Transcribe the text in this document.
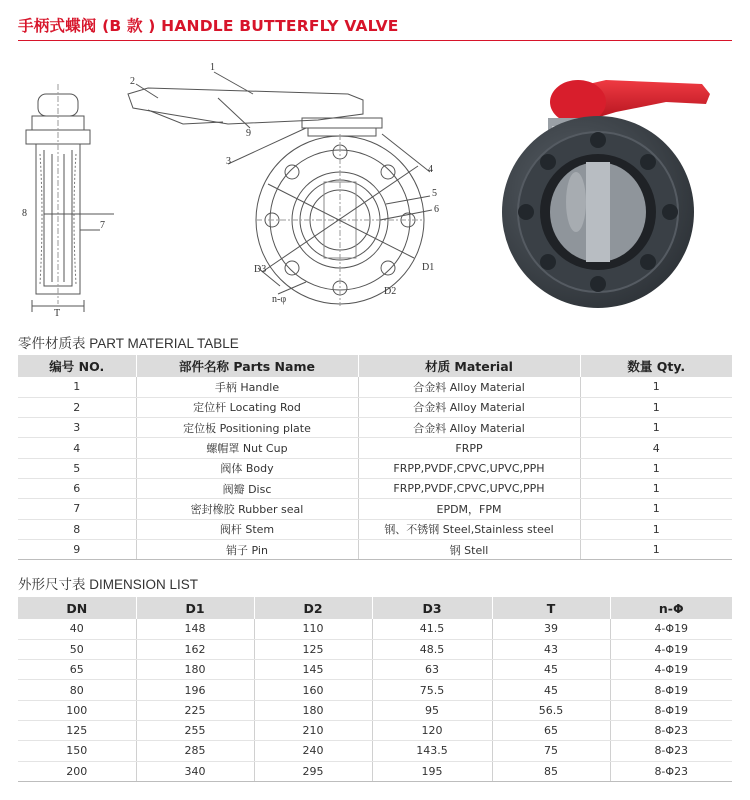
手柄式蝶阀 (B 款 ) HANDLE BUTTERFLY VALVE
1
2
3
4
5
6
7
8
9
T
D1
D2
D3
n-φ
零件材质表 PART MATERIAL TABLE
编号 NO.	部件名称 Parts Name	材质 Material	数量 Qty.
1	手柄 Handle	合金料 Alloy Material	1
2	定位杆 Locating Rod	合金料 Alloy Material	1
3	定位板 Positioning plate	合金料 Alloy Material	1
4	螺帽罩 Nut Cup	FRPP	4
5	阀体 Body	FRPP,PVDF,CPVC,UPVC,PPH	1
6	阀瓣 Disc	FRPP,PVDF,CPVC,UPVC,PPH	1
7	密封橡胶 Rubber seal	EPDM，FPM	1
8	阀杆 Stem	钢、不锈钢 Steel,Stainless steel	1
9	销子 Pin	钢 Stell	1
外形尺寸表 DIMENSION LIST
DN	D1	D2	D3	T	n-Φ
40	148	110	41.5	39	4-Φ19
50	162	125	48.5	43	4-Φ19
65	180	145	63	45	4-Φ19
80	196	160	75.5	45	8-Φ19
100	225	180	95	56.5	8-Φ19
125	255	210	120	65	8-Φ23
150	285	240	143.5	75	8-Φ23
200	340	295	195	85	8-Φ23
